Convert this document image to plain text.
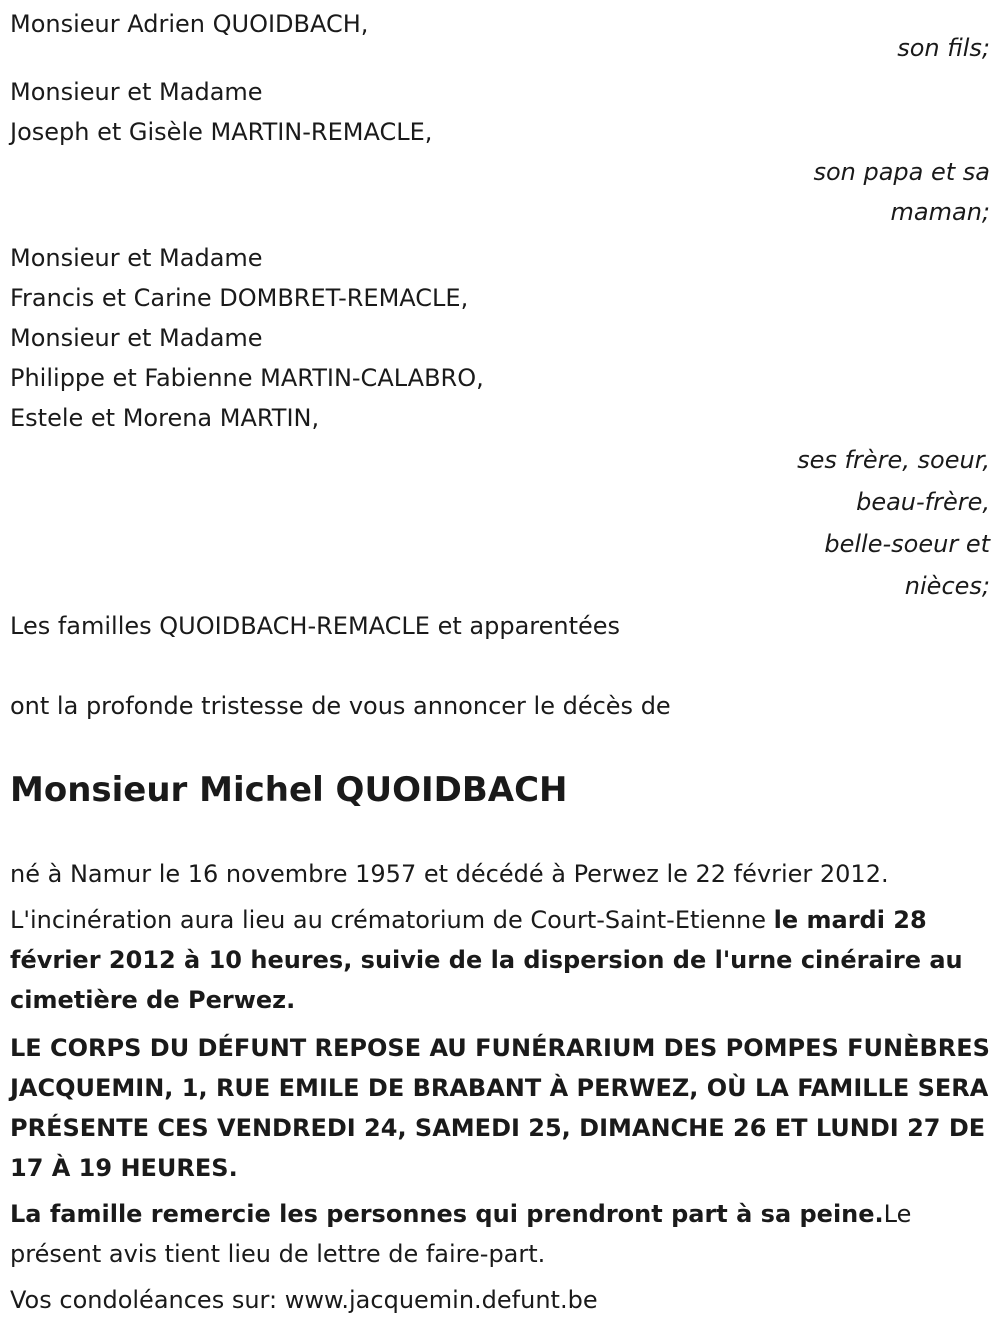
Monsieur Adrien QUOIDBACH,
son fils;
Monsieur et Madame
Joseph et Gisèle MARTIN-REMACLE,
son papa et sa
maman;
Monsieur et Madame
Francis et Carine DOMBRET-REMACLE,
Monsieur et Madame
Philippe et Fabienne MARTIN-CALABRO,
Estele et Morena MARTIN,
ses frère, soeur,
beau-frère,
belle-soeur et
nièces;
Les familles QUOIDBACH-REMACLE et apparentées
ont la profonde tristesse de vous annoncer le décès de
Monsieur Michel QUOIDBACH
né à Namur le 16 novembre 1957 et décédé à Perwez le 22 février 2012.
L'incinération aura lieu au crématorium de Court-Saint-Etienne le mardi 28 février 2012 à 10 heures, suivie de la dispersion de l'urne cinéraire au cimetière de Perwez.
LE CORPS DU DÉFUNT REPOSE AU FUNÉRARIUM DES POMPES FUNÈBRES JACQUEMIN, 1, RUE EMILE DE BRABANT À PERWEZ, OÙ LA FAMILLE SERA PRÉSENTE CES VENDREDI 24, SAMEDI 25, DIMANCHE 26 ET LUNDI 27 DE 17 À 19 HEURES.
La famille remercie les personnes qui prendront part à sa peine.Le présent avis tient lieu de lettre de faire-part.
Vos condoléances sur: www.jacquemin.defunt.be
